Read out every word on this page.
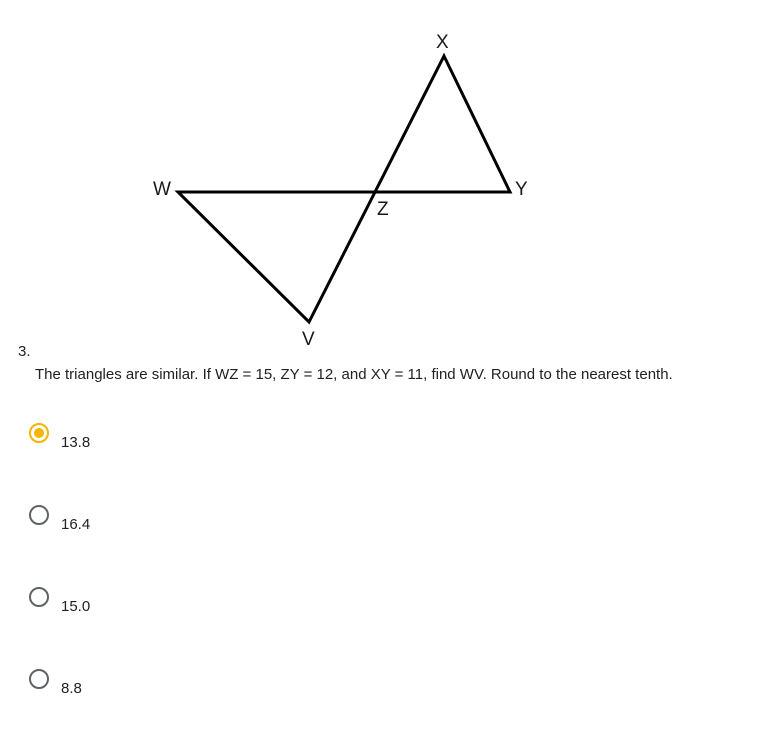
X
Y
Z
W
V
3.
The triangles are similar. If WZ = 15, ZY = 12, and XY = 11, find WV. Round to the nearest tenth.
13.8
16.4
15.0
8.8
